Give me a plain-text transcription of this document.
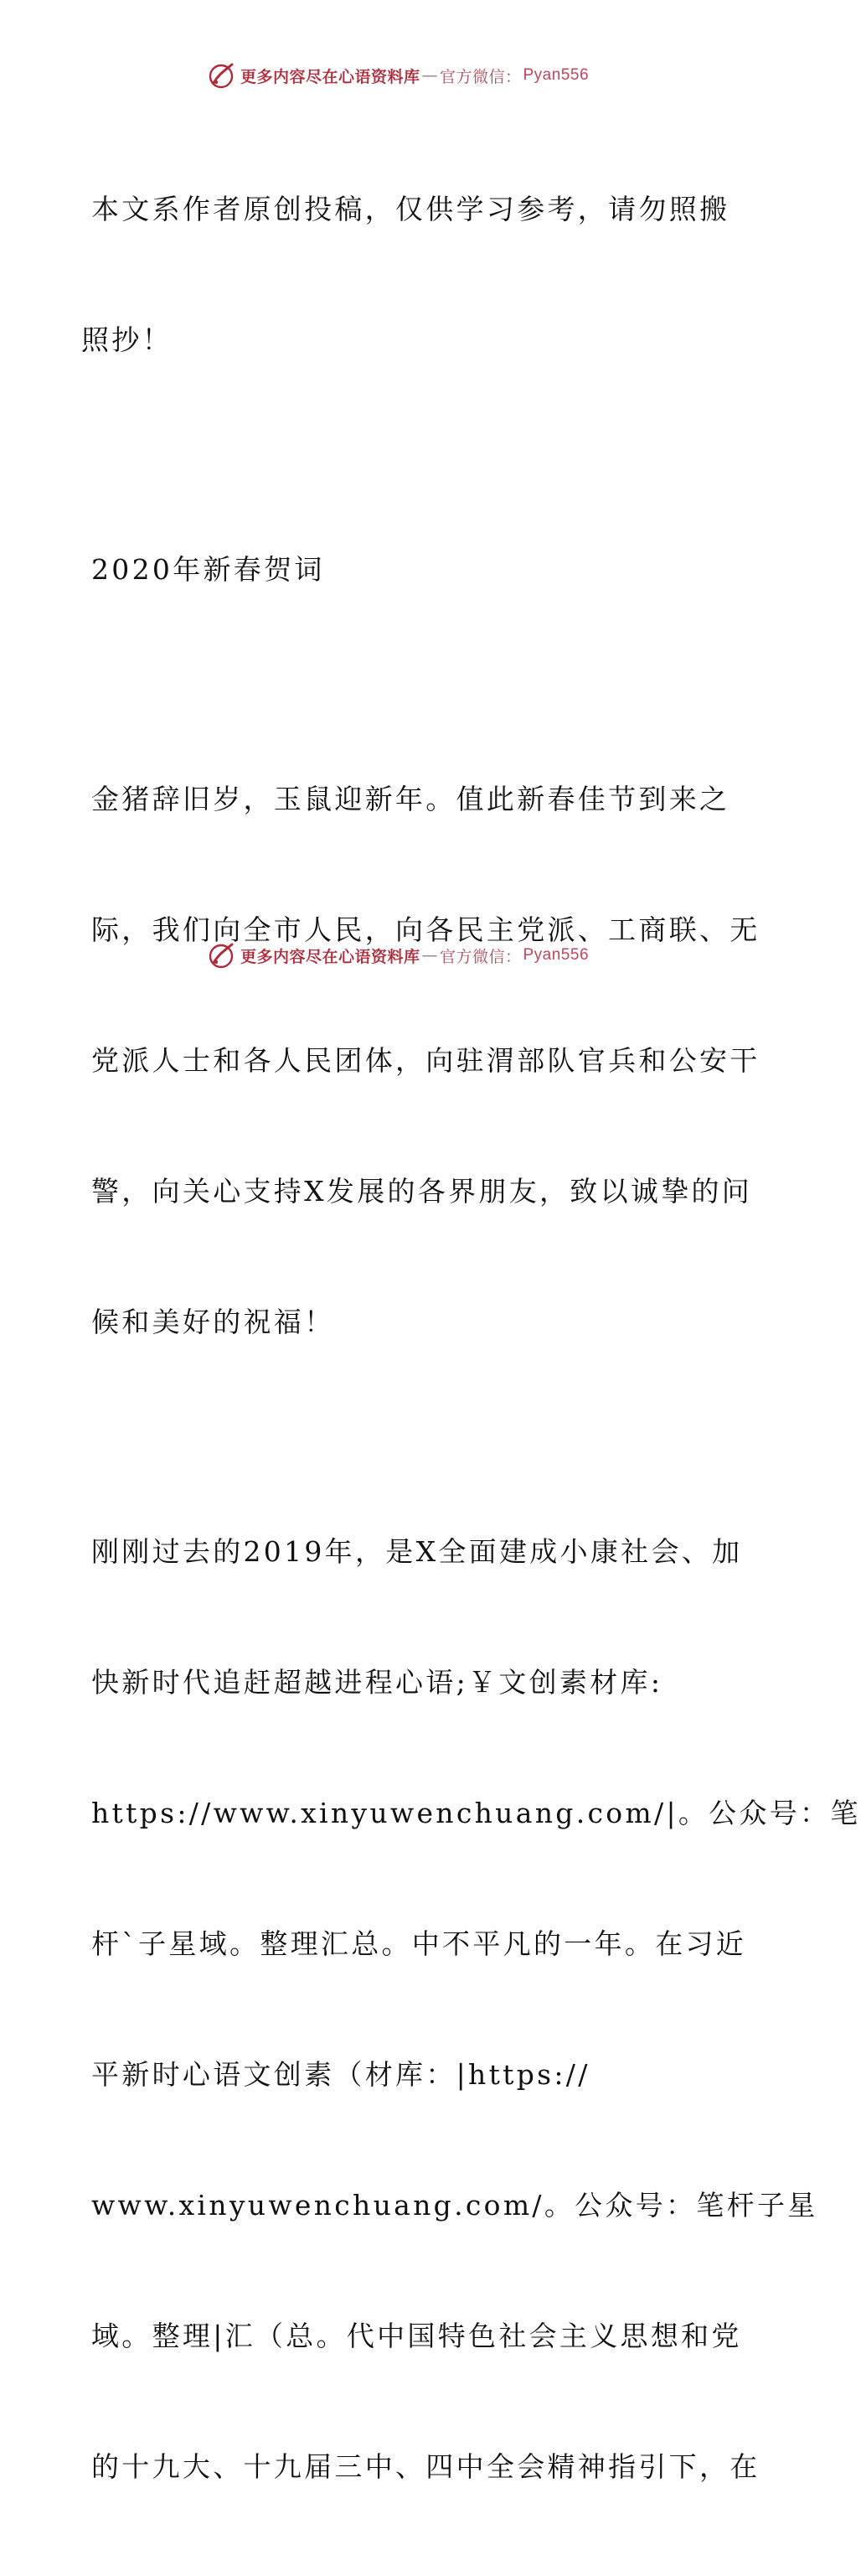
更多内容尽在心语资料库 — 官方微信： Pyan556

本文系作者原创投稿，仅供学习参考，请勿照搬

照抄！

2020年新春贺词

金猪辞旧岁，玉鼠迎新年。值此新春佳节到来之

际，我们向全市人民，向各民主党派、工商联、无

党派人士和各人民团体，向驻渭部队官兵和公安干

警，向关心支持X发展的各界朋友，致以诚挚的问

候和美好的祝福！

刚刚过去的2019年，是X全面建成小康社会、加

快新时代追赶超越进程心语;￥文创素材库:

https://www.xinyuwenchuang.com/|。公众号：笔

杆`子星域。整理汇总。中不平凡的一年。在习近

平新时心语文创素（材库：|https://

www.xinyuwenchuang.com/。公众号：笔杆子星

域。整理|汇（总。代中国特色社会主义思想和党

的十九大、十九届三中、四中全会精神指引下，在

更多内容尽在心语资料库 — 官方微信： Pyan556
